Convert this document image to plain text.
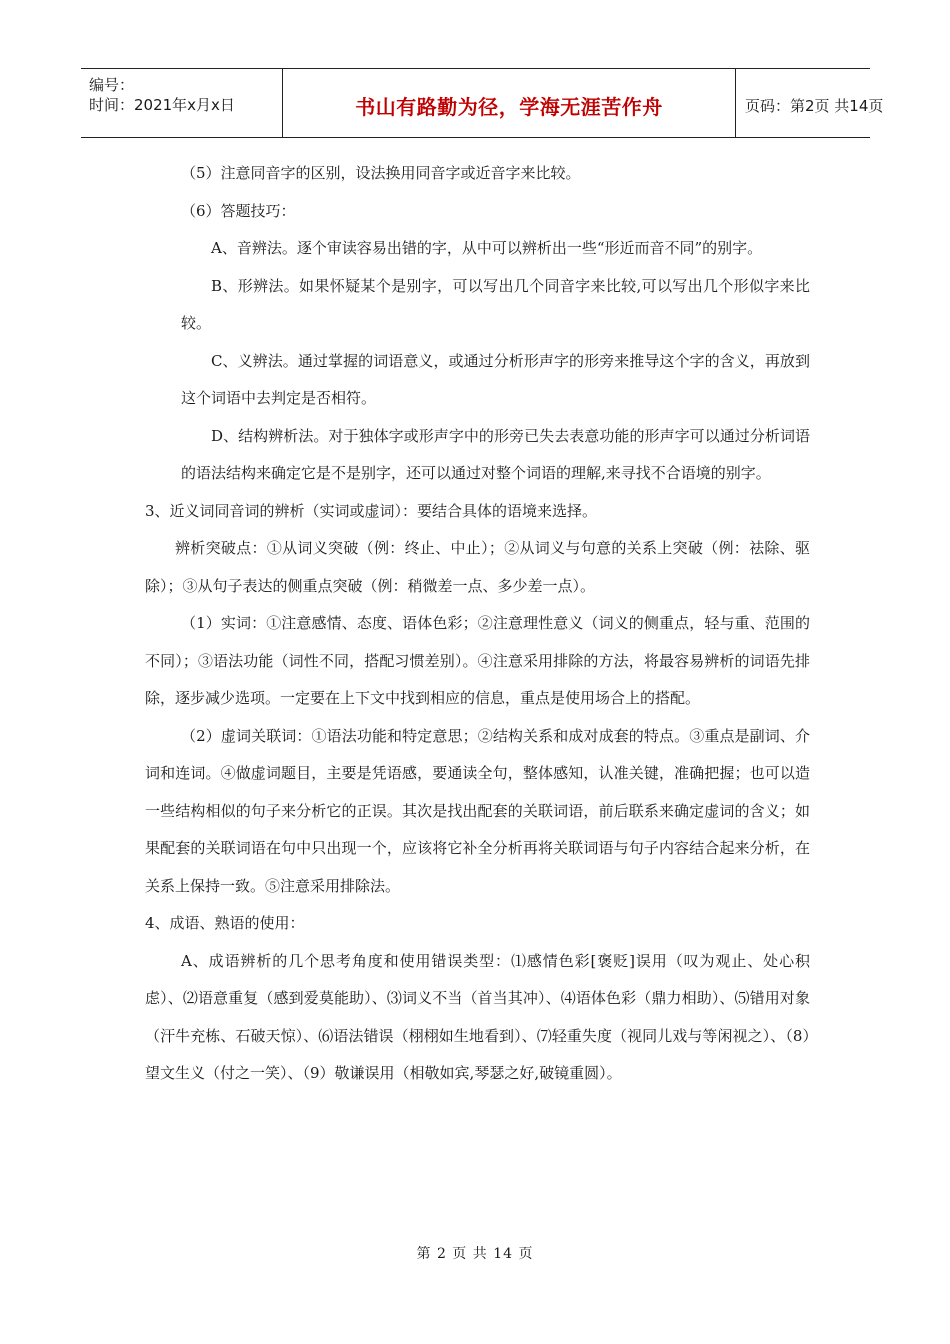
编号：
时间：2021年x月x日	书山有路勤为径，学海无涯苦作舟	页码：第2页 共14页

（5）注意同音字的区别，设法换用同音字或近音字来比较。

（6）答题技巧：

A、音辨法。逐个审读容易出错的字，从中可以辨析出一些“形近而音不同”的别字。

B、形辨法。如果怀疑某个是别字，可以写出几个同音字来比较,可以写出几个形似字来比较。

C、义辨法。通过掌握的词语意义，或通过分析形声字的形旁来推导这个字的含义，再放到这个词语中去判定是否相符。

D、结构辨析法。对于独体字或形声字中的形旁已失去表意功能的形声字可以通过分析词语的语法结构来确定它是不是别字，还可以通过对整个词语的理解,来寻找不合语境的别字。

3、近义词同音词的辨析（实词或虚词）：要结合具体的语境来选择。

辨析突破点：①从词义突破（例：终止、中止）；②从词义与句意的关系上突破（例：祛除、驱除）；③从句子表达的侧重点突破（例：稍微差一点、多少差一点）。

（1）实词：①注意感情、态度、语体色彩；②注意理性意义（词义的侧重点，轻与重、范围的不同）；③语法功能（词性不同，搭配习惯差别）。④注意采用排除的方法，将最容易辨析的词语先排除，逐步减少选项。一定要在上下文中找到相应的信息，重点是使用场合上的搭配。

（2）虚词关联词：①语法功能和特定意思；②结构关系和成对成套的特点。③重点是副词、介词和连词。④做虚词题目，主要是凭语感，要通读全句，整体感知，认准关键，准确把握；也可以造一些结构相似的句子来分析它的正误。其次是找出配套的关联词语，前后联系来确定虚词的含义；如果配套的关联词语在句中只出现一个，应该将它补全分析再将关联词语与句子内容结合起来分析，在关系上保持一致。⑤注意采用排除法。

4、成语、熟语的使用：

A、成语辨析的几个思考角度和使用错误类型：⑴感情色彩[褒贬]误用（叹为观止、处心积虑）、⑵语意重复（感到爱莫能助）、⑶词义不当（首当其冲）、⑷语体色彩（鼎力相助）、⑸错用对象（汗牛充栋、石破天惊）、⑹语法错误（栩栩如生地看到）、⑺轻重失度（视同儿戏与等闲视之）、（8）望文生义（付之一笑）、（9）敬谦误用（相敬如宾,琴瑟之好,破镜重圆）。

第 2 页 共 14 页
